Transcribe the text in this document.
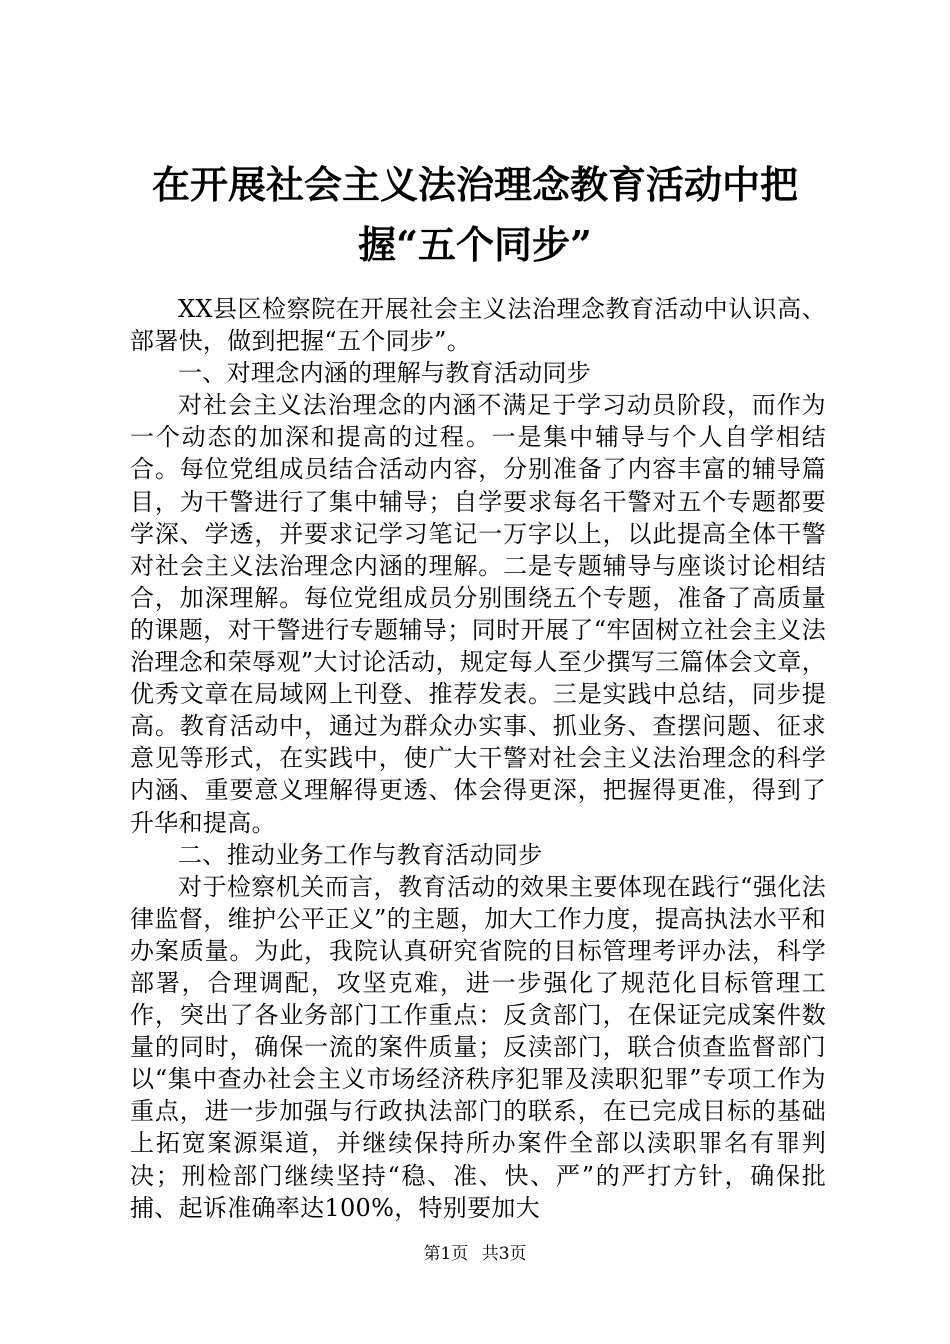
在开展社会主义法治理念教育活动中把握“五个同步”

XX县区检察院在开展社会主义法治理念教育活动中认识高、部署快，做到把握“五个同步”。

一、对理念内涵的理解与教育活动同步

对社会主义法治理念的内涵不满足于学习动员阶段，而作为一个动态的加深和提高的过程。一是集中辅导与个人自学相结合。每位党组成员结合活动内容，分别准备了内容丰富的辅导篇目，为干警进行了集中辅导；自学要求每名干警对五个专题都要学深、学透，并要求记学习笔记一万字以上，以此提高全体干警对社会主义法治理念内涵的理解。二是专题辅导与座谈讨论相结合，加深理解。每位党组成员分别围绕五个专题，准备了高质量的课题，对干警进行专题辅导；同时开展了“牢固树立社会主义法治理念和荣辱观”大讨论活动，规定每人至少撰写三篇体会文章，优秀文章在局域网上刊登、推荐发表。三是实践中总结，同步提高。教育活动中，通过为群众办实事、抓业务、查摆问题、征求意见等形式，在实践中，使广大干警对社会主义法治理念的科学内涵、重要意义理解得更透、体会得更深，把握得更准，得到了升华和提高。

二、推动业务工作与教育活动同步

对于检察机关而言，教育活动的效果主要体现在践行“强化法律监督，维护公平正义”的主题，加大工作力度，提高执法水平和办案质量。为此，我院认真研究省院的目标管理考评办法，科学部署，合理调配，攻坚克难，进一步强化了规范化目标管理工作，突出了各业务部门工作重点：反贪部门，在保证完成案件数量的同时，确保一流的案件质量；反渎部门，联合侦查监督部门以“集中查办社会主义市场经济秩序犯罪及渎职犯罪”专项工作为重点，进一步加强与行政执法部门的联系，在已完成目标的基础上拓宽案源渠道，并继续保持所办案件全部以渎职罪名有罪判决；刑检部门继续坚持“稳、准、快、严”的严打方针，确保批捕、起诉准确率达100%，特别要加大

第1页 共3页
